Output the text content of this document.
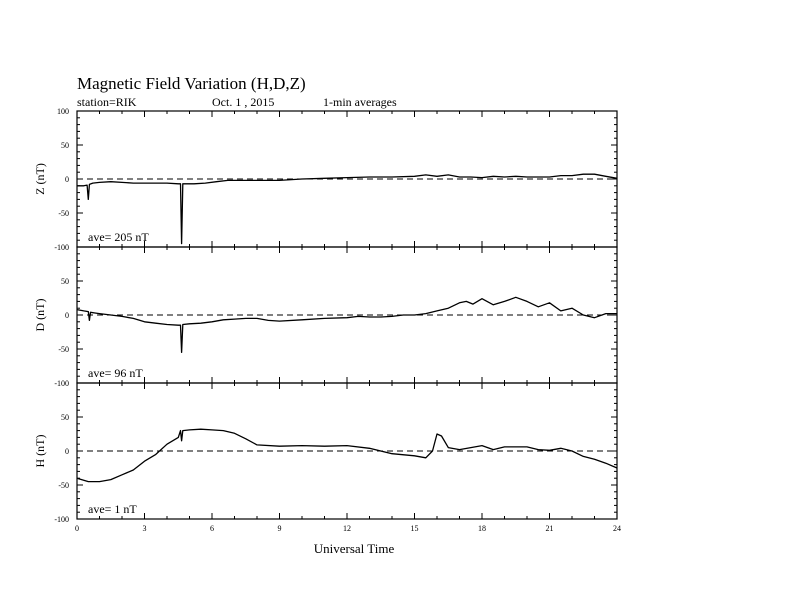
100
50
0
-50
-100
Z (nT)
ave= 205 nT
50
0
-50
-100
D (nT)
ave= 96 nT
50
0
-50
-100
H (nT)
ave= 1 nT
0	3	6	9	12	15	18	21	24
Universal Time
Magnetic Field Variation (H,D,Z)
station=RIK	Oct. 1 , 2015	1-min averages
